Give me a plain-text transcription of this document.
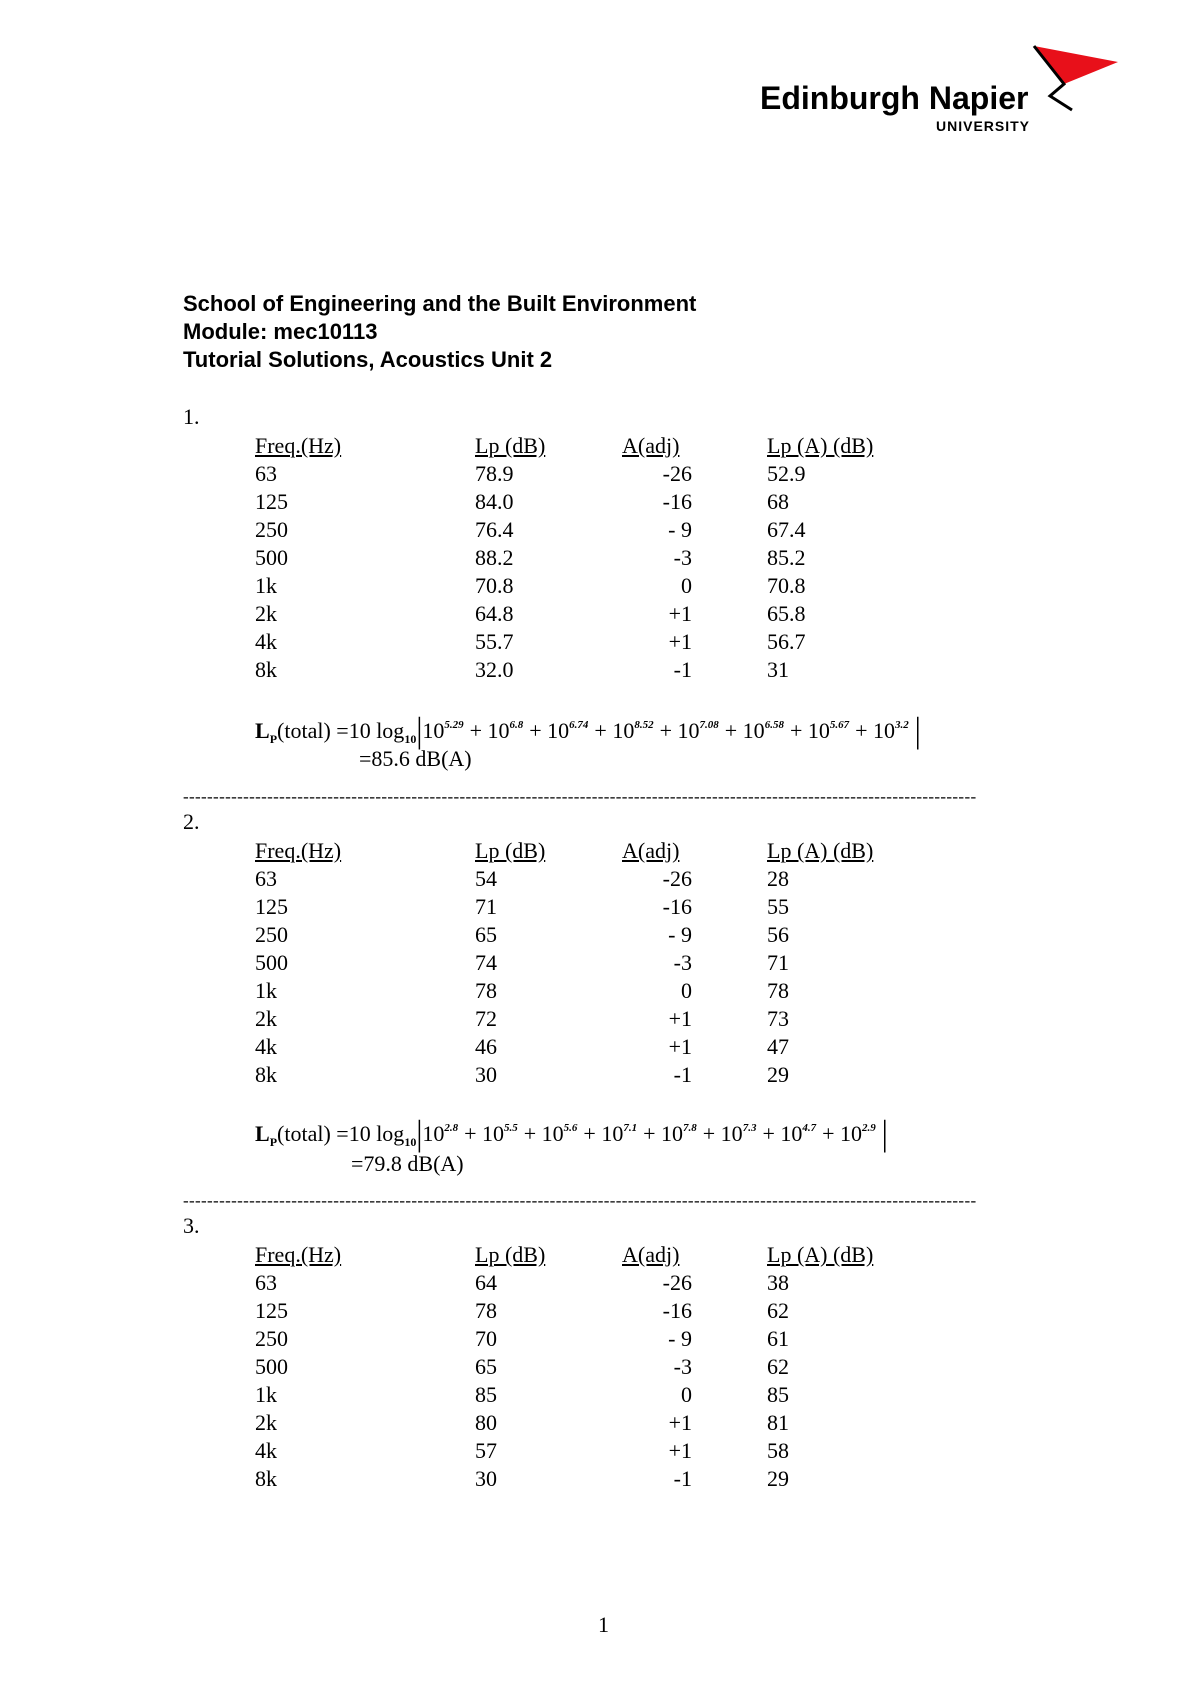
Edinburgh Napier
UNIVERSITY
School of Engineering and the Built Environment
Module: mec10113
Tutorial Solutions, Acoustics Unit 2
1.
Freq.(Hz)	Lp (dB)	A(adj)	Lp (A) (dB)
63	78.9	-26	52.9
125	84.0	-16	68
250	76.4	- 9	67.4
500	88.2	-3	85.2
1k	70.8	0	70.8
2k	64.8	+1	65.8
4k	55.7	+1	56.7
8k	32.0	-1	31
$L_P(total) =10$ $\log_{10}|10^{5.29} + 10^{6.8} + 10^{6.74} + 10^{8.52} + 10^{7.08} + 10^{6.58} + 10^{5.67} + 10^{3.2}$ |
=85.6 dB(A)
------------------------------------------------------------------------------------------------------------------------------------
2.
Freq.(Hz)	Lp (dB)	A(adj)	Lp (A) (dB)
63	54	-26	28
125	71	-16	55
250	65	- 9	56
500	74	-3	71
1k	78	0	78
2k	72	+1	73
4k	46	+1	47
8k	30	-1	29
$L_P(total) =10$ $\log_{10}|10^{2.8} + 10^{5.5} + 10^{5.6} + 10^{7.1} + 10^{7.8} + 10^{7.3} + 10^{4.7} + 10^{2.9}$ |
=79.8 dB(A)
------------------------------------------------------------------------------------------------------------------------------------
3.
Freq.(Hz)	Lp (dB)	A(adj)	Lp (A) (dB)
63	64	-26	38
125	78	-16	62
250	70	- 9	61
500	65	-3	62
1k	85	0	85
2k	80	+1	81
4k	57	+1	58
8k	30	-1	29
1
